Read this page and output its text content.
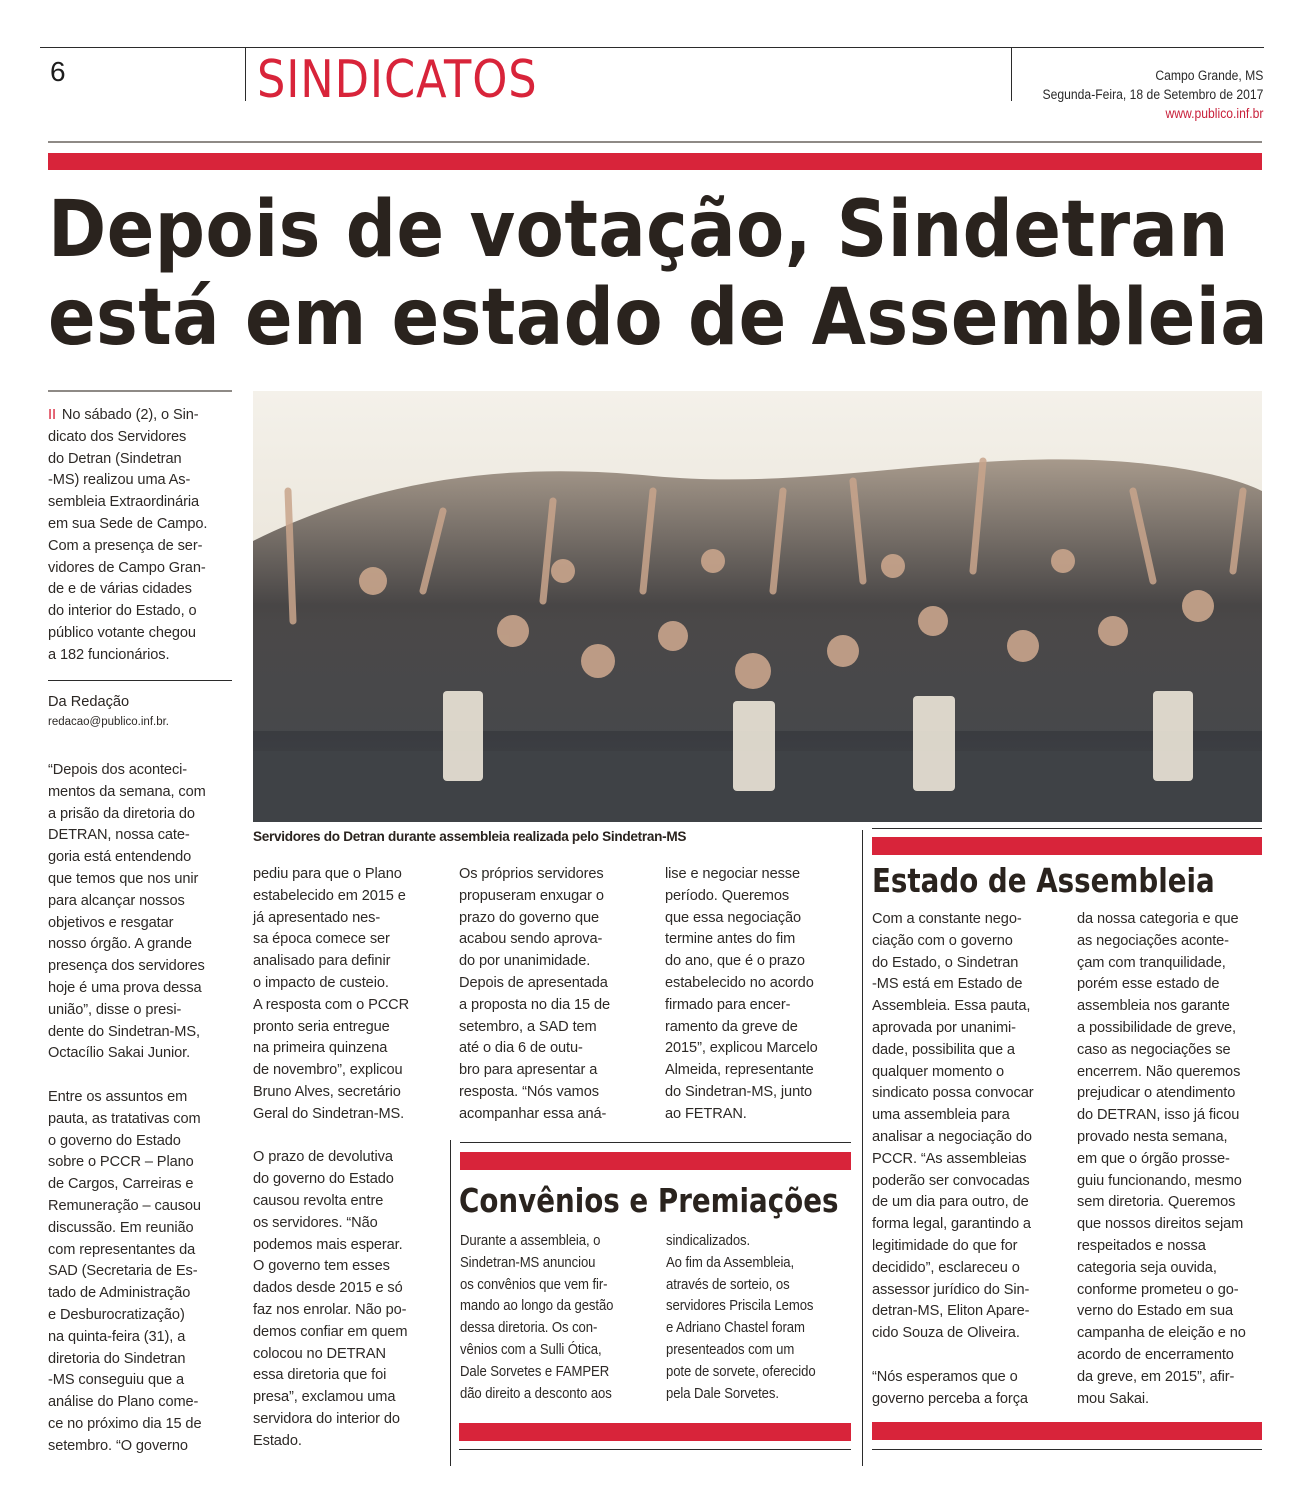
6	SINDICATOS	Campo Grande, MS
Segunda-Feira, 18 de Setembro de 2017
www.publico.inf.br
Depois de votação, Sindetran
está em estado de Assembleia

II No sábado (2), o Sin-

dicato dos Servidores

do Detran (Sindetran

-MS) realizou uma As-

sembleia Extraordinária

em sua Sede de Campo.

Com a presença de ser-

vidores de Campo Gran-

de e de várias cidades

do interior do Estado, o

público votante chegou

a 182 funcionários.

Da Redação
redacao@publico.inf.br.
Servidores do Detran durante assembleia realizada pelo Sindetran-MS

“Depois dos aconteci-

mentos da semana, com

a prisão da diretoria do

DETRAN, nossa cate-

goria está entendendo

que temos que nos unir

para alcançar nossos

objetivos e resgatar

nosso órgão. A grande

presença dos servidores

hoje é uma prova dessa

união”, disse o presi-

dente do Sindetran-MS,

Octacílio Sakai Junior.

Entre os assuntos em

pauta, as tratativas com

o governo do Estado

sobre o PCCR – Plano

de Cargos, Carreiras e

Remuneração – causou

discussão. Em reunião

com representantes da

SAD (Secretaria de Es-

tado de Administração

e Desburocratização)

na quinta-feira (31), a

diretoria do Sindetran

-MS conseguiu que a

análise do Plano come-

ce no próximo dia 15 de

setembro. “O governo

pediu para que o Plano

estabelecido em 2015 e

já apresentado nes-

sa época comece ser

analisado para definir

o impacto de custeio.

A resposta com o PCCR

pronto seria entregue

na primeira quinzena

de novembro”, explicou

Bruno Alves, secretário

Geral do Sindetran-MS.

O prazo de devolutiva

do governo do Estado

causou revolta entre

os servidores. “Não

podemos mais esperar.

O governo tem esses

dados desde 2015 e só

faz nos enrolar. Não po-

demos confiar em quem

colocou no DETRAN

essa diretoria que foi

presa”, exclamou uma

servidora do interior do

Estado.

Os próprios servidores

propuseram enxugar o

prazo do governo que

acabou sendo aprova-

do por unanimidade.

Depois de apresentada

a proposta no dia 15 de

setembro, a SAD tem

até o dia 6 de outu-

bro para apresentar a

resposta. “Nós vamos

acompanhar essa aná-

lise e negociar nesse

período. Queremos

que essa negociação

termine antes do fim

do ano, que é o prazo

estabelecido no acordo

firmado para encer-

ramento da greve de

2015”, explicou Marcelo

Almeida, representante

do Sindetran-MS, junto

ao FETRAN.

Convênios e Premiações

Durante a assembleia, o

Sindetran-MS anunciou

os convênios que vem fir-

mando ao longo da gestão

dessa diretoria. Os con-

vênios com a Sulli Ótica,

Dale Sorvetes e FAMPER

dão direito a desconto aos

sindicalizados.

Ao fim da Assembleia,

através de sorteio, os

servidores Priscila Lemos

e Adriano Chastel foram

presenteados com um

pote de sorvete, oferecido

pela Dale Sorvetes.

Estado de Assembleia

Com a constante nego-

ciação com o governo

do Estado, o Sindetran

-MS está em Estado de

Assembleia. Essa pauta,

aprovada por unanimi-

dade, possibilita que a

qualquer momento o

sindicato possa convocar

uma assembleia para

analisar a negociação do

PCCR. “As assembleias

poderão ser convocadas

de um dia para outro, de

forma legal, garantindo a

legitimidade do que for

decidido”, esclareceu o

assessor jurídico do Sin-

detran-MS, Eliton Apare-

cido Souza de Oliveira.

“Nós esperamos que o

governo perceba a força

da nossa categoria e que

as negociações aconte-

çam com tranquilidade,

porém esse estado de

assembleia nos garante

a possibilidade de greve,

caso as negociações se

encerrem. Não queremos

prejudicar o atendimento

do DETRAN, isso já ficou

provado nesta semana,

em que o órgão prosse-

guiu funcionando, mesmo

sem diretoria. Queremos

que nossos direitos sejam

respeitados e nossa

categoria seja ouvida,

conforme prometeu o go-

verno do Estado em sua

campanha de eleição e no

acordo de encerramento

da greve, em 2015”, afir-

mou Sakai.
